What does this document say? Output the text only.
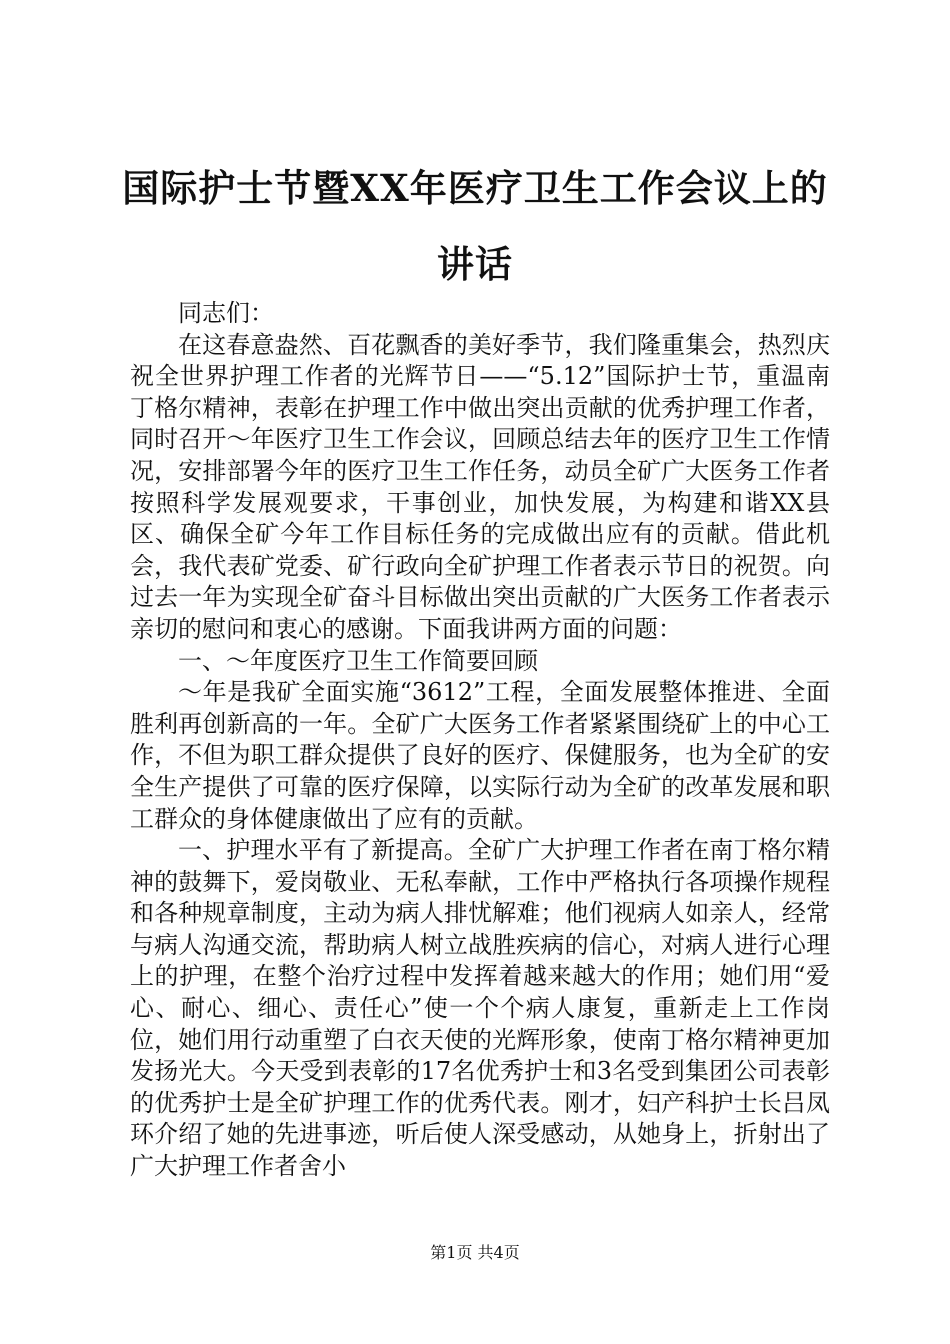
国际护士节暨XX年医疗卫生工作会议上的讲话

同志们：

在这春意盎然、百花飘香的美好季节，我们隆重集会，热烈庆祝全世界护理工作者的光辉节日——“5.12”国际护士节，重温南丁格尔精神，表彰在护理工作中做出突出贡献的优秀护理工作者，同时召开～年医疗卫生工作会议，回顾总结去年的医疗卫生工作情况，安排部署今年的医疗卫生工作任务，动员全矿广大医务工作者按照科学发展观要求，干事创业，加快发展，为构建和谐XX县区、确保全矿今年工作目标任务的完成做出应有的贡献。借此机会，我代表矿党委、矿行政向全矿护理工作者表示节日的祝贺。向过去一年为实现全矿奋斗目标做出突出贡献的广大医务工作者表示亲切的慰问和衷心的感谢。下面我讲两方面的问题：

一、～年度医疗卫生工作简要回顾

～年是我矿全面实施“3612”工程，全面发展整体推进、全面胜利再创新高的一年。全矿广大医务工作者紧紧围绕矿上的中心工作，不但为职工群众提供了良好的医疗、保健服务，也为全矿的安全生产提供了可靠的医疗保障，以实际行动为全矿的改革发展和职工群众的身体健康做出了应有的贡献。

一、护理水平有了新提高。全矿广大护理工作者在南丁格尔精神的鼓舞下，爱岗敬业、无私奉献，工作中严格执行各项操作规程和各种规章制度，主动为病人排忧解难；他们视病人如亲人，经常与病人沟通交流，帮助病人树立战胜疾病的信心，对病人进行心理上的护理，在整个治疗过程中发挥着越来越大的作用；她们用“爱心、耐心、细心、责任心”使一个个病人康复，重新走上工作岗位，她们用行动重塑了白衣天使的光辉形象，使南丁格尔精神更加发扬光大。今天受到表彰的17名优秀护士和3名受到集团公司表彰的优秀护士是全矿护理工作的优秀代表。刚才，妇产科护士长吕凤环介绍了她的先进事迹，听后使人深受感动，从她身上，折射出了广大护理工作者舍小

第1页 共4页
